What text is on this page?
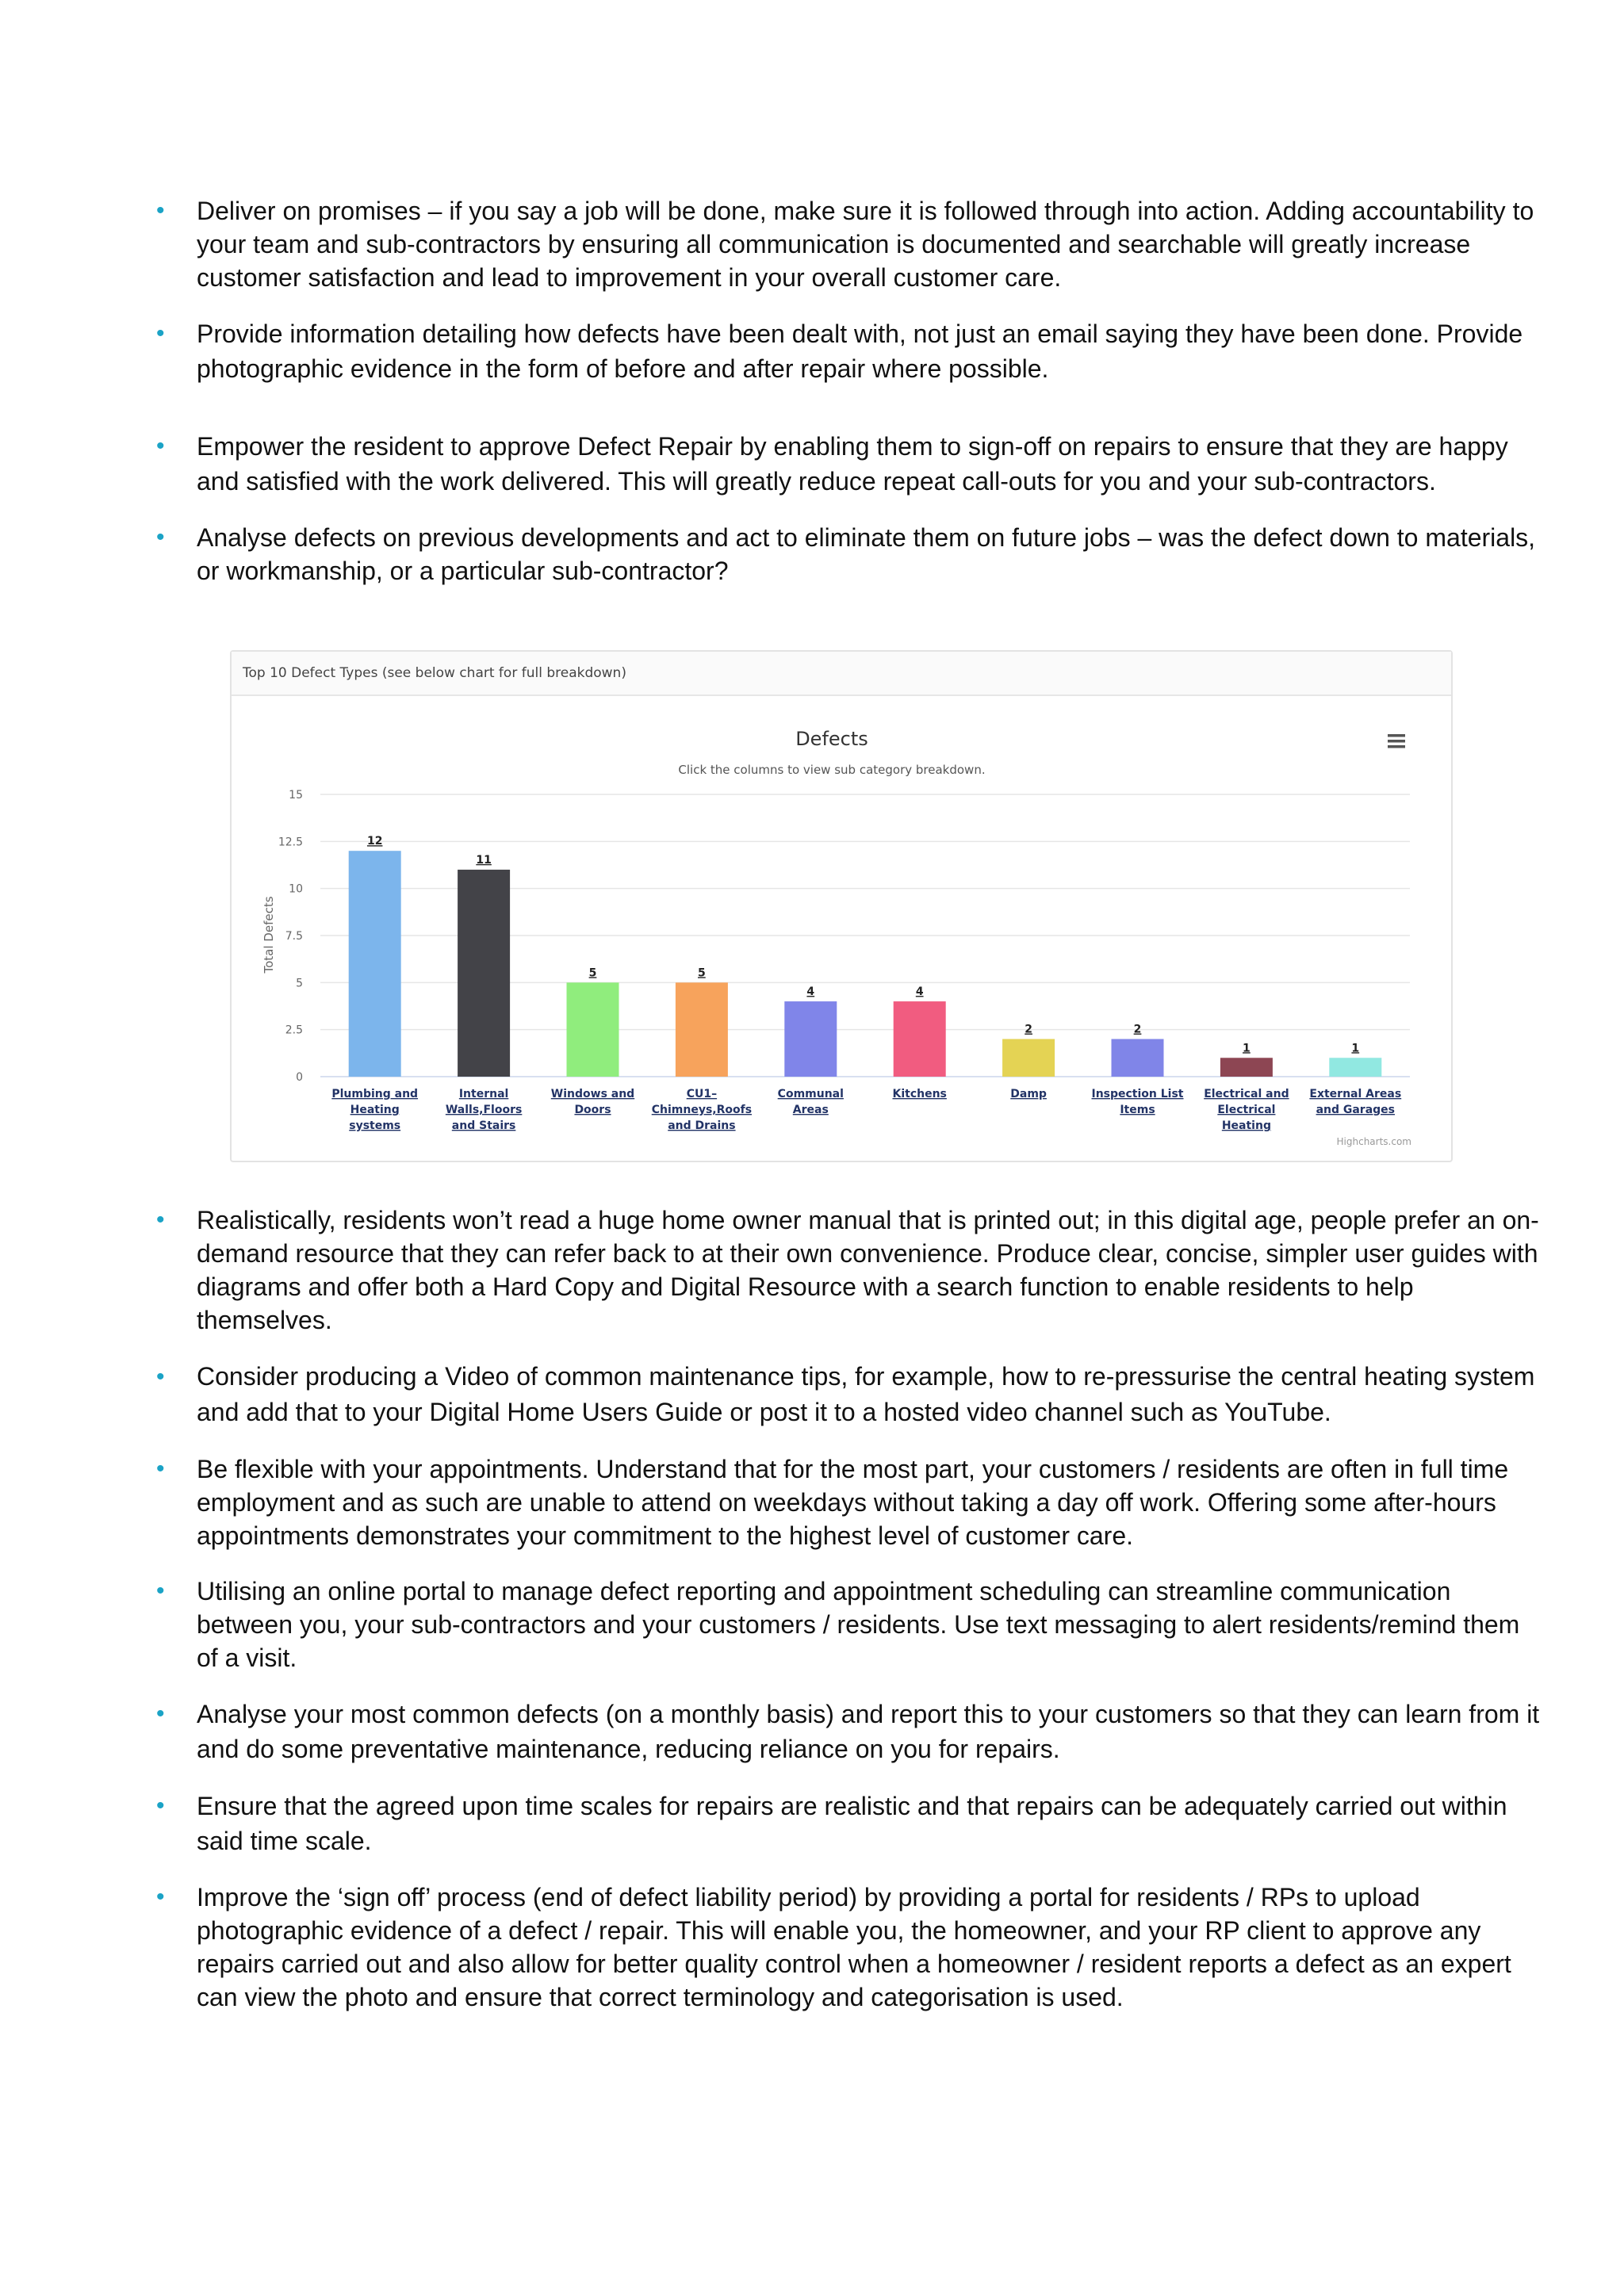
• Deliver on promises – if you say a job will be done, make sure it is followed through into action. Adding accountability to your team and sub-contractors by ensuring all communication is documented and searchable will greatly increase customer satisfaction and lead to improvement in your overall customer care.
• Provide information detailing how defects have been dealt with, not just an email saying they have been done. Provide photographic evidence in the form of before and after repair where possible.
• Empower the resident to approve Defect Repair by enabling them to sign-off on repairs to ensure that they are happy and satisfied with the work delivered. This will greatly reduce repeat call-outs for you and your sub-contractors.
• Analyse defects on previous developments and act to eliminate them on future jobs – was the defect down to materials, or workmanship, or a particular sub-contractor?
Top 10 Defect Types (see below chart for full breakdown)
Defects
Click the columns to view sub category breakdown.
Total Defects
0
2.5
5
7.5
10
12.5
15
12
Plumbing and
Heating
systems
11
Internal
Walls,Floors
and Stairs
5
Windows and
Doors
5
CU1–
Chimneys,Roofs
and Drains
4
Communal
Areas
4
Kitchens
2
Damp
2
Inspection List
Items
1
Electrical and
Electrical
Heating
1
External Areas
and Garages
Highcharts.com
• Realistically, residents won’t read a huge home owner manual that is printed out; in this digital age, people prefer an on-demand resource that they can refer back to at their own convenience. Produce clear, concise, simpler user guides with diagrams and offer both a Hard Copy and Digital Resource with a search function to enable residents to help themselves.
• Consider producing a Video of common maintenance tips, for example, how to re-pressurise the central heating system and add that to your Digital Home Users Guide or post it to a hosted video channel such as YouTube.
• Be flexible with your appointments. Understand that for the most part, your customers / residents are often in full time employment and as such are unable to attend on weekdays without taking a day off work. Offering some after-hours appointments demonstrates your commitment to the highest level of customer care.
• Utilising an online portal to manage defect reporting and appointment scheduling can streamline communication between you, your sub-contractors and your customers / residents. Use text messaging to alert residents/remind them of a visit.
• Analyse your most common defects (on a monthly basis) and report this to your customers so that they can learn from it and do some preventative maintenance, reducing reliance on you for repairs.
• Ensure that the agreed upon time scales for repairs are realistic and that repairs can be adequately carried out within said time scale.
• Improve the ‘sign off’ process (end of defect liability period) by providing a portal for residents / RPs to upload photographic evidence of a defect / repair. This will enable you, the homeowner, and your RP client to approve any repairs carried out and also allow for better quality control when a homeowner / resident reports a defect as an expert can view the photo and ensure that correct terminology and categorisation is used.
